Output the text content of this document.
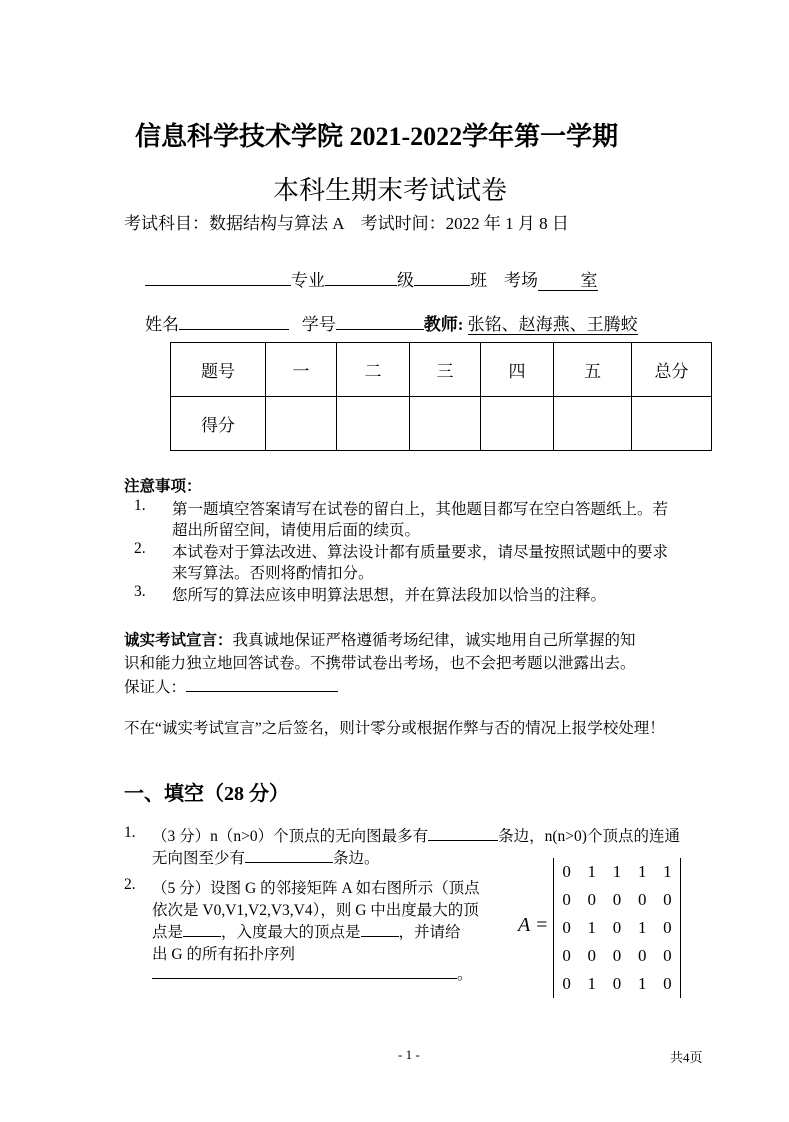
信息科学技术学院 2021-2022学年第一学期
本科生期末考试试卷
考试科目：数据结构与算法 A　考试时间：2022 年 1 月 8 日
专业	级	班  考场   	室
姓名 	学号	教师: 张铭、赵海燕、王腾蛟
题号	一	二	三	四	五	总分
得分						
注意事项：
1. 第一题填空答案请写在试卷的留白上，其他题目都写在空白答题纸上。若
超出所留空间，请使用后面的续页。
2. 本试卷对于算法改进、算法设计都有质量要求，请尽量按照试题中的要求
来写算法。否则将酌情扣分。
3. 您所写的算法应该申明算法思想，并在算法段加以恰当的注释。
诚实考试宣言：我真诚地保证严格遵循考场纪律，诚实地用自己所掌握的知
识和能力独立地回答试卷。不携带试卷出考场，也不会把考题以泄露出去。
保证人：
不在“诚实考试宣言”之后签名，则计零分或根据作弊与否的情况上报学校处理！
一、填空（28 分）
1. （3 分）n（n>0）个顶点的无向图最多有	条边，n(n>0)个顶点的连通
无向图至少有	条边。
2. （5 分）设图 G 的邻接矩阵 A 如右图所示（顶点
依次是 V0,V1,V2,V3,V4），则 G 中出度最大的顶
点是 ，入度最大的顶点是 ，并请给
出 G 的所有拓扑序列
。
A =
0 1 1 1 1
0 0 0 0 0
0 1 0 1 0
0 0 0 0 0
0 1 0 1 0
- 1 -	共4页
